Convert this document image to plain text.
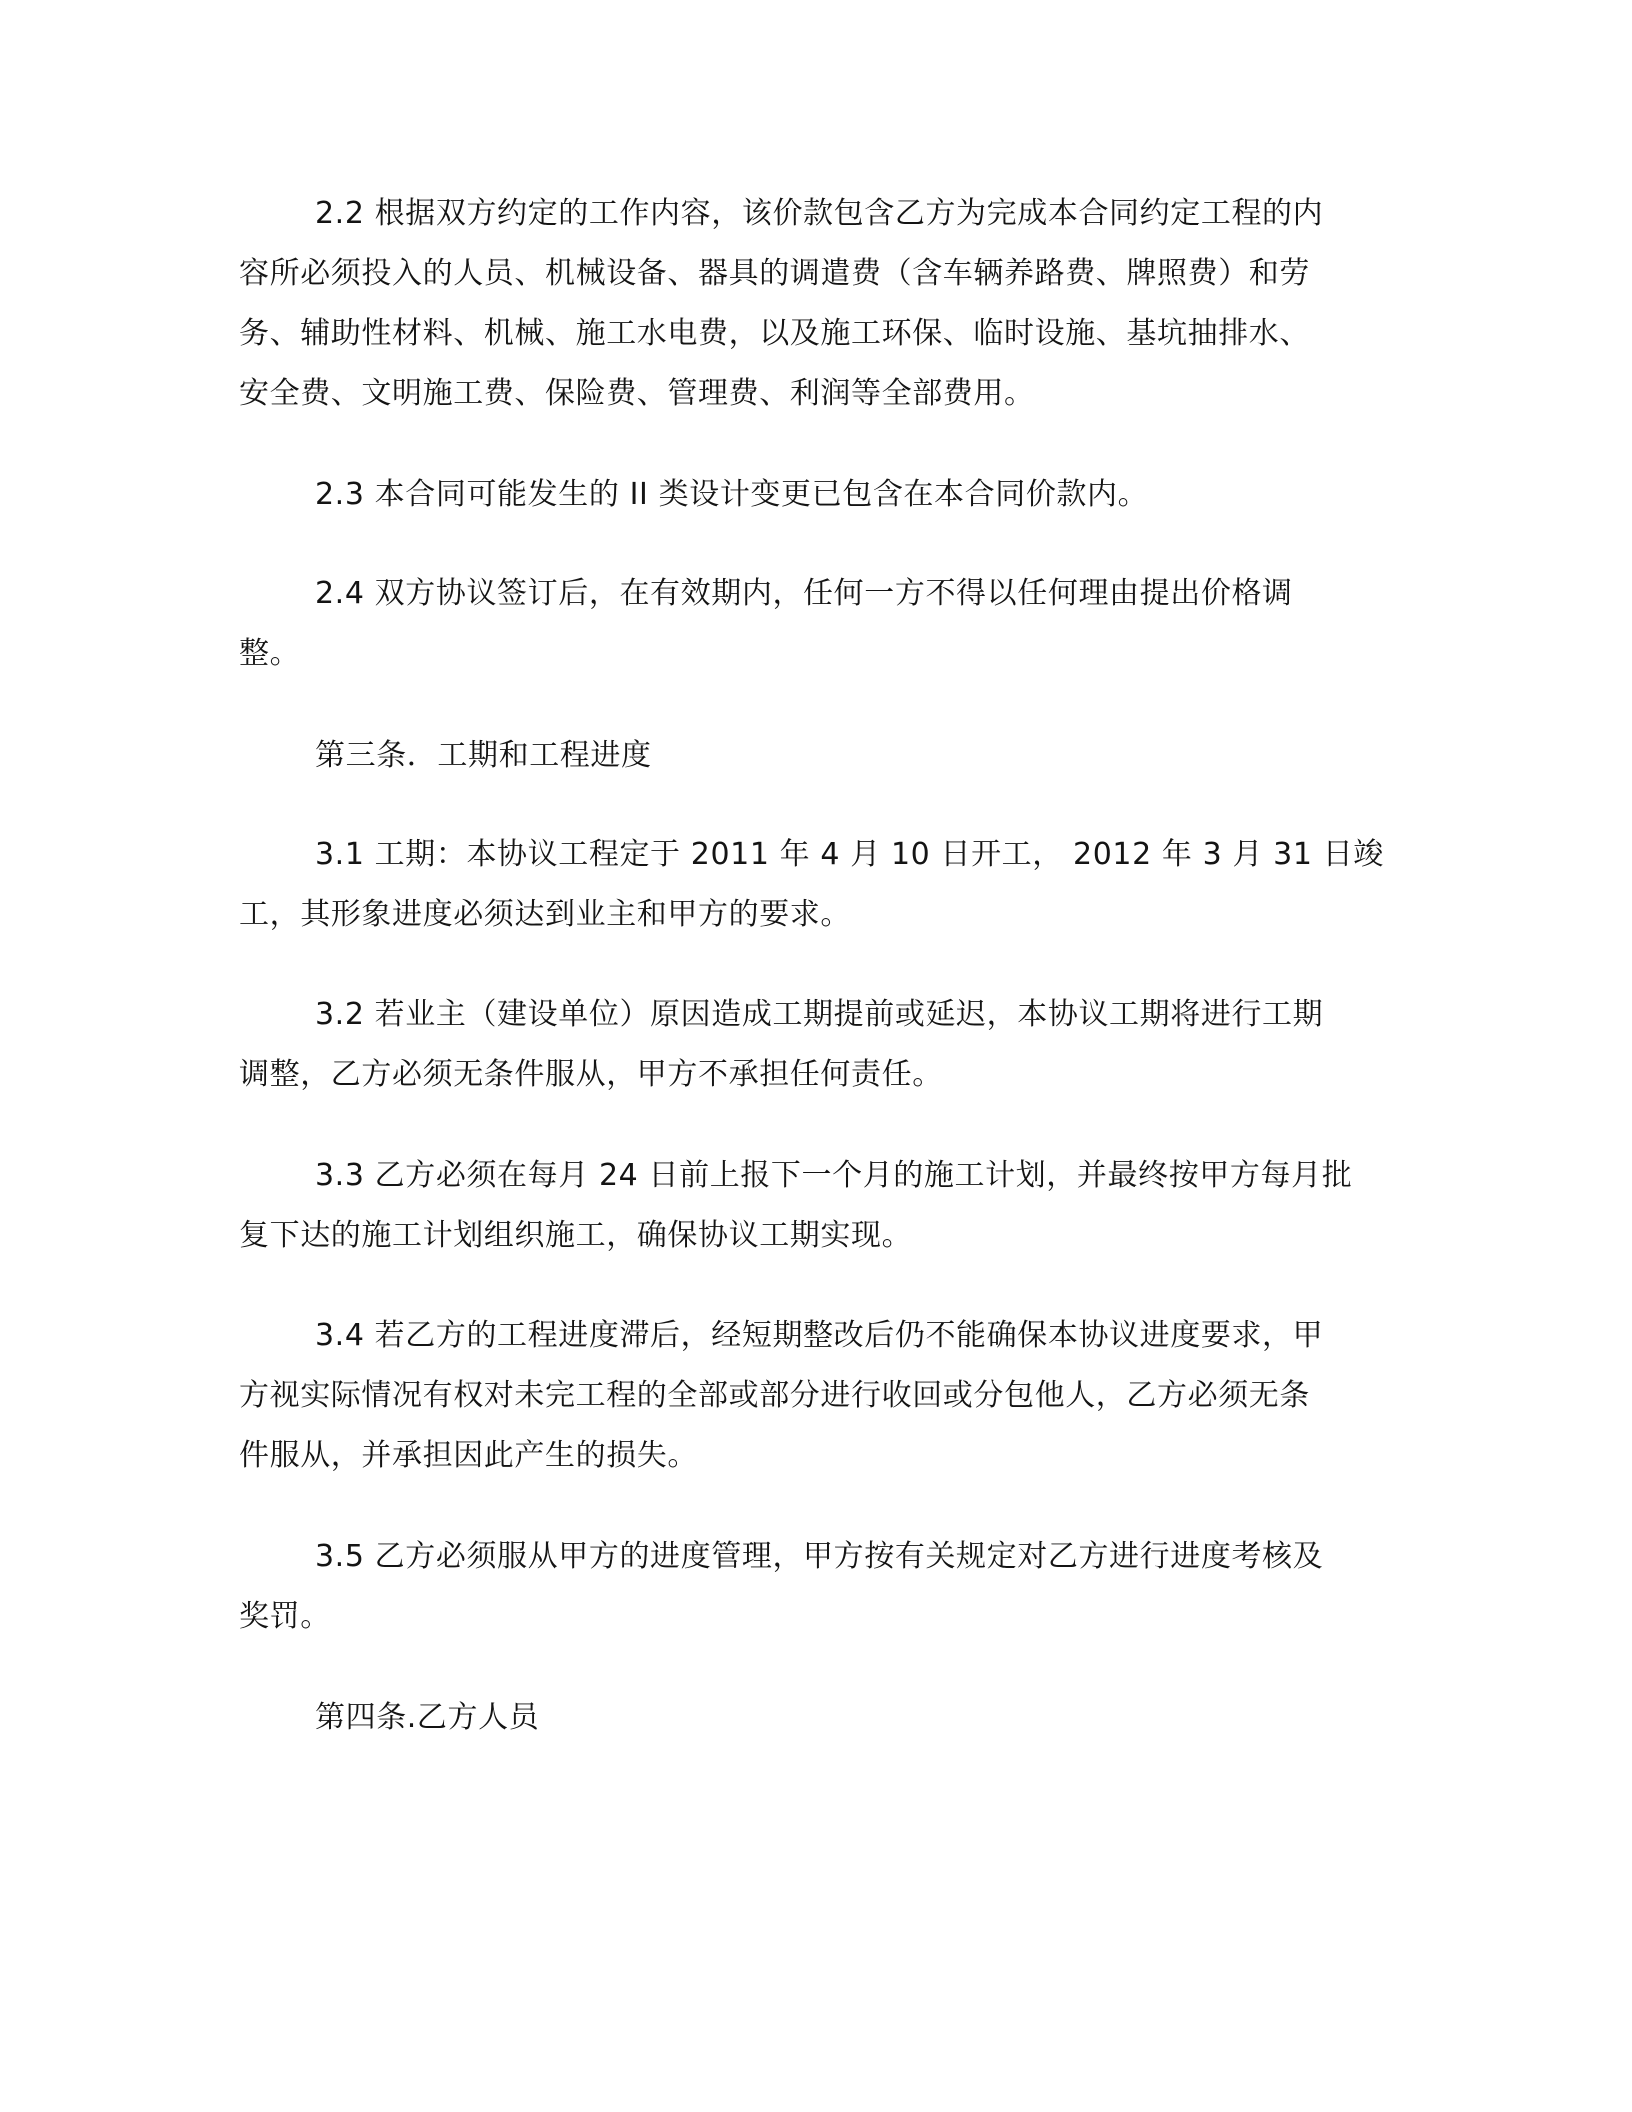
2.2 根据双方约定的工作内容，该价款包含乙方为完成本合同约定工程的内
容所必须投入的人员、机械设备、器具的调遣费（含车辆养路费、牌照费）和劳
务、辅助性材料、机械、施工水电费，以及施工环保、临时设施、基坑抽排水、
安全费、文明施工费、保险费、管理费、利润等全部费用。
2.3 本合同可能发生的 II 类设计变更已包含在本合同价款内。
2.4 双方协议签订后，在有效期内，任何一方不得以任何理由提出价格调
整。
第三条．工期和工程进度
3.1 工期：本协议工程定于 2011 年 4 月 10 日开工， 2012 年 3 月 31 日竣
工，其形象进度必须达到业主和甲方的要求。
3.2 若业主（建设单位）原因造成工期提前或延迟，本协议工期将进行工期
调整，乙方必须无条件服从，甲方不承担任何责任。
3.3 乙方必须在每月 24 日前上报下一个月的施工计划，并最终按甲方每月批
复下达的施工计划组织施工，确保协议工期实现。
3.4 若乙方的工程进度滞后，经短期整改后仍不能确保本协议进度要求，甲
方视实际情况有权对未完工程的全部或部分进行收回或分包他人，乙方必须无条
件服从，并承担因此产生的损失。
3.5 乙方必须服从甲方的进度管理，甲方按有关规定对乙方进行进度考核及
奖罚。
第四条.乙方人员
